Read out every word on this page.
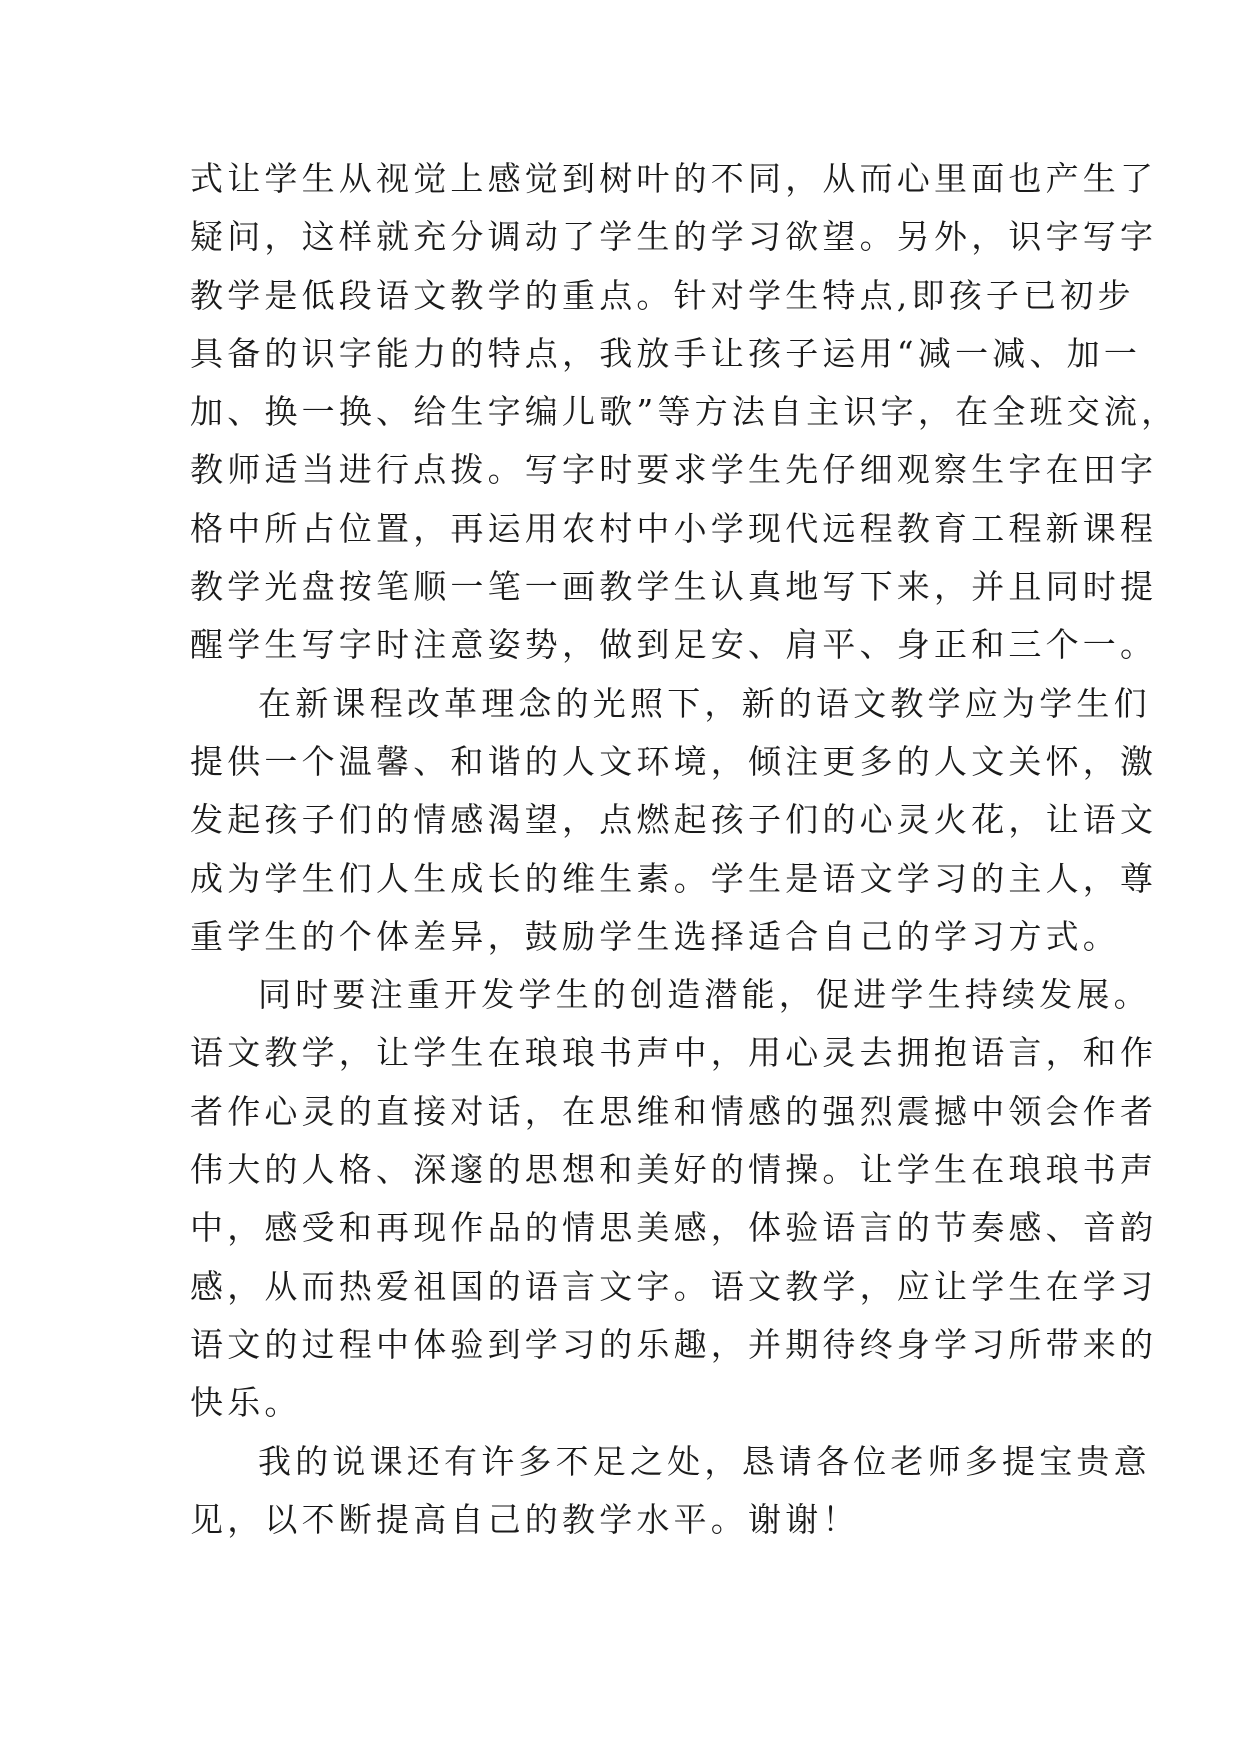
式让学生从视觉上感觉到树叶的不同，从而心里面也产生了
疑问，这样就充分调动了学生的学习欲望。另外，识字写字
教学是低段语文教学的重点。针对学生特点,即孩子已初步
具备的识字能力的特点，我放手让孩子运用“减一减、加一
加、换一换、给生字编儿歌”等方法自主识字，在全班交流，
教师适当进行点拨。写字时要求学生先仔细观察生字在田字
格中所占位置，再运用农村中小学现代远程教育工程新课程
教学光盘按笔顺一笔一画教学生认真地写下来，并且同时提
醒学生写字时注意姿势，做到足安、肩平、身正和三个一。
在新课程改革理念的光照下，新的语文教学应为学生们
提供一个温馨、和谐的人文环境，倾注更多的人文关怀，激
发起孩子们的情感渴望，点燃起孩子们的心灵火花，让语文
成为学生们人生成长的维生素。学生是语文学习的主人，尊
重学生的个体差异，鼓励学生选择适合自己的学习方式。
同时要注重开发学生的创造潜能，促进学生持续发展。
语文教学，让学生在琅琅书声中，用心灵去拥抱语言，和作
者作心灵的直接对话，在思维和情感的强烈震撼中领会作者
伟大的人格、深邃的思想和美好的情操。让学生在琅琅书声
中，感受和再现作品的情思美感，体验语言的节奏感、音韵
感，从而热爱祖国的语言文字。语文教学，应让学生在学习
语文的过程中体验到学习的乐趣，并期待终身学习所带来的
快乐。
我的说课还有许多不足之处，恳请各位老师多提宝贵意
见，以不断提高自己的教学水平。谢谢！
